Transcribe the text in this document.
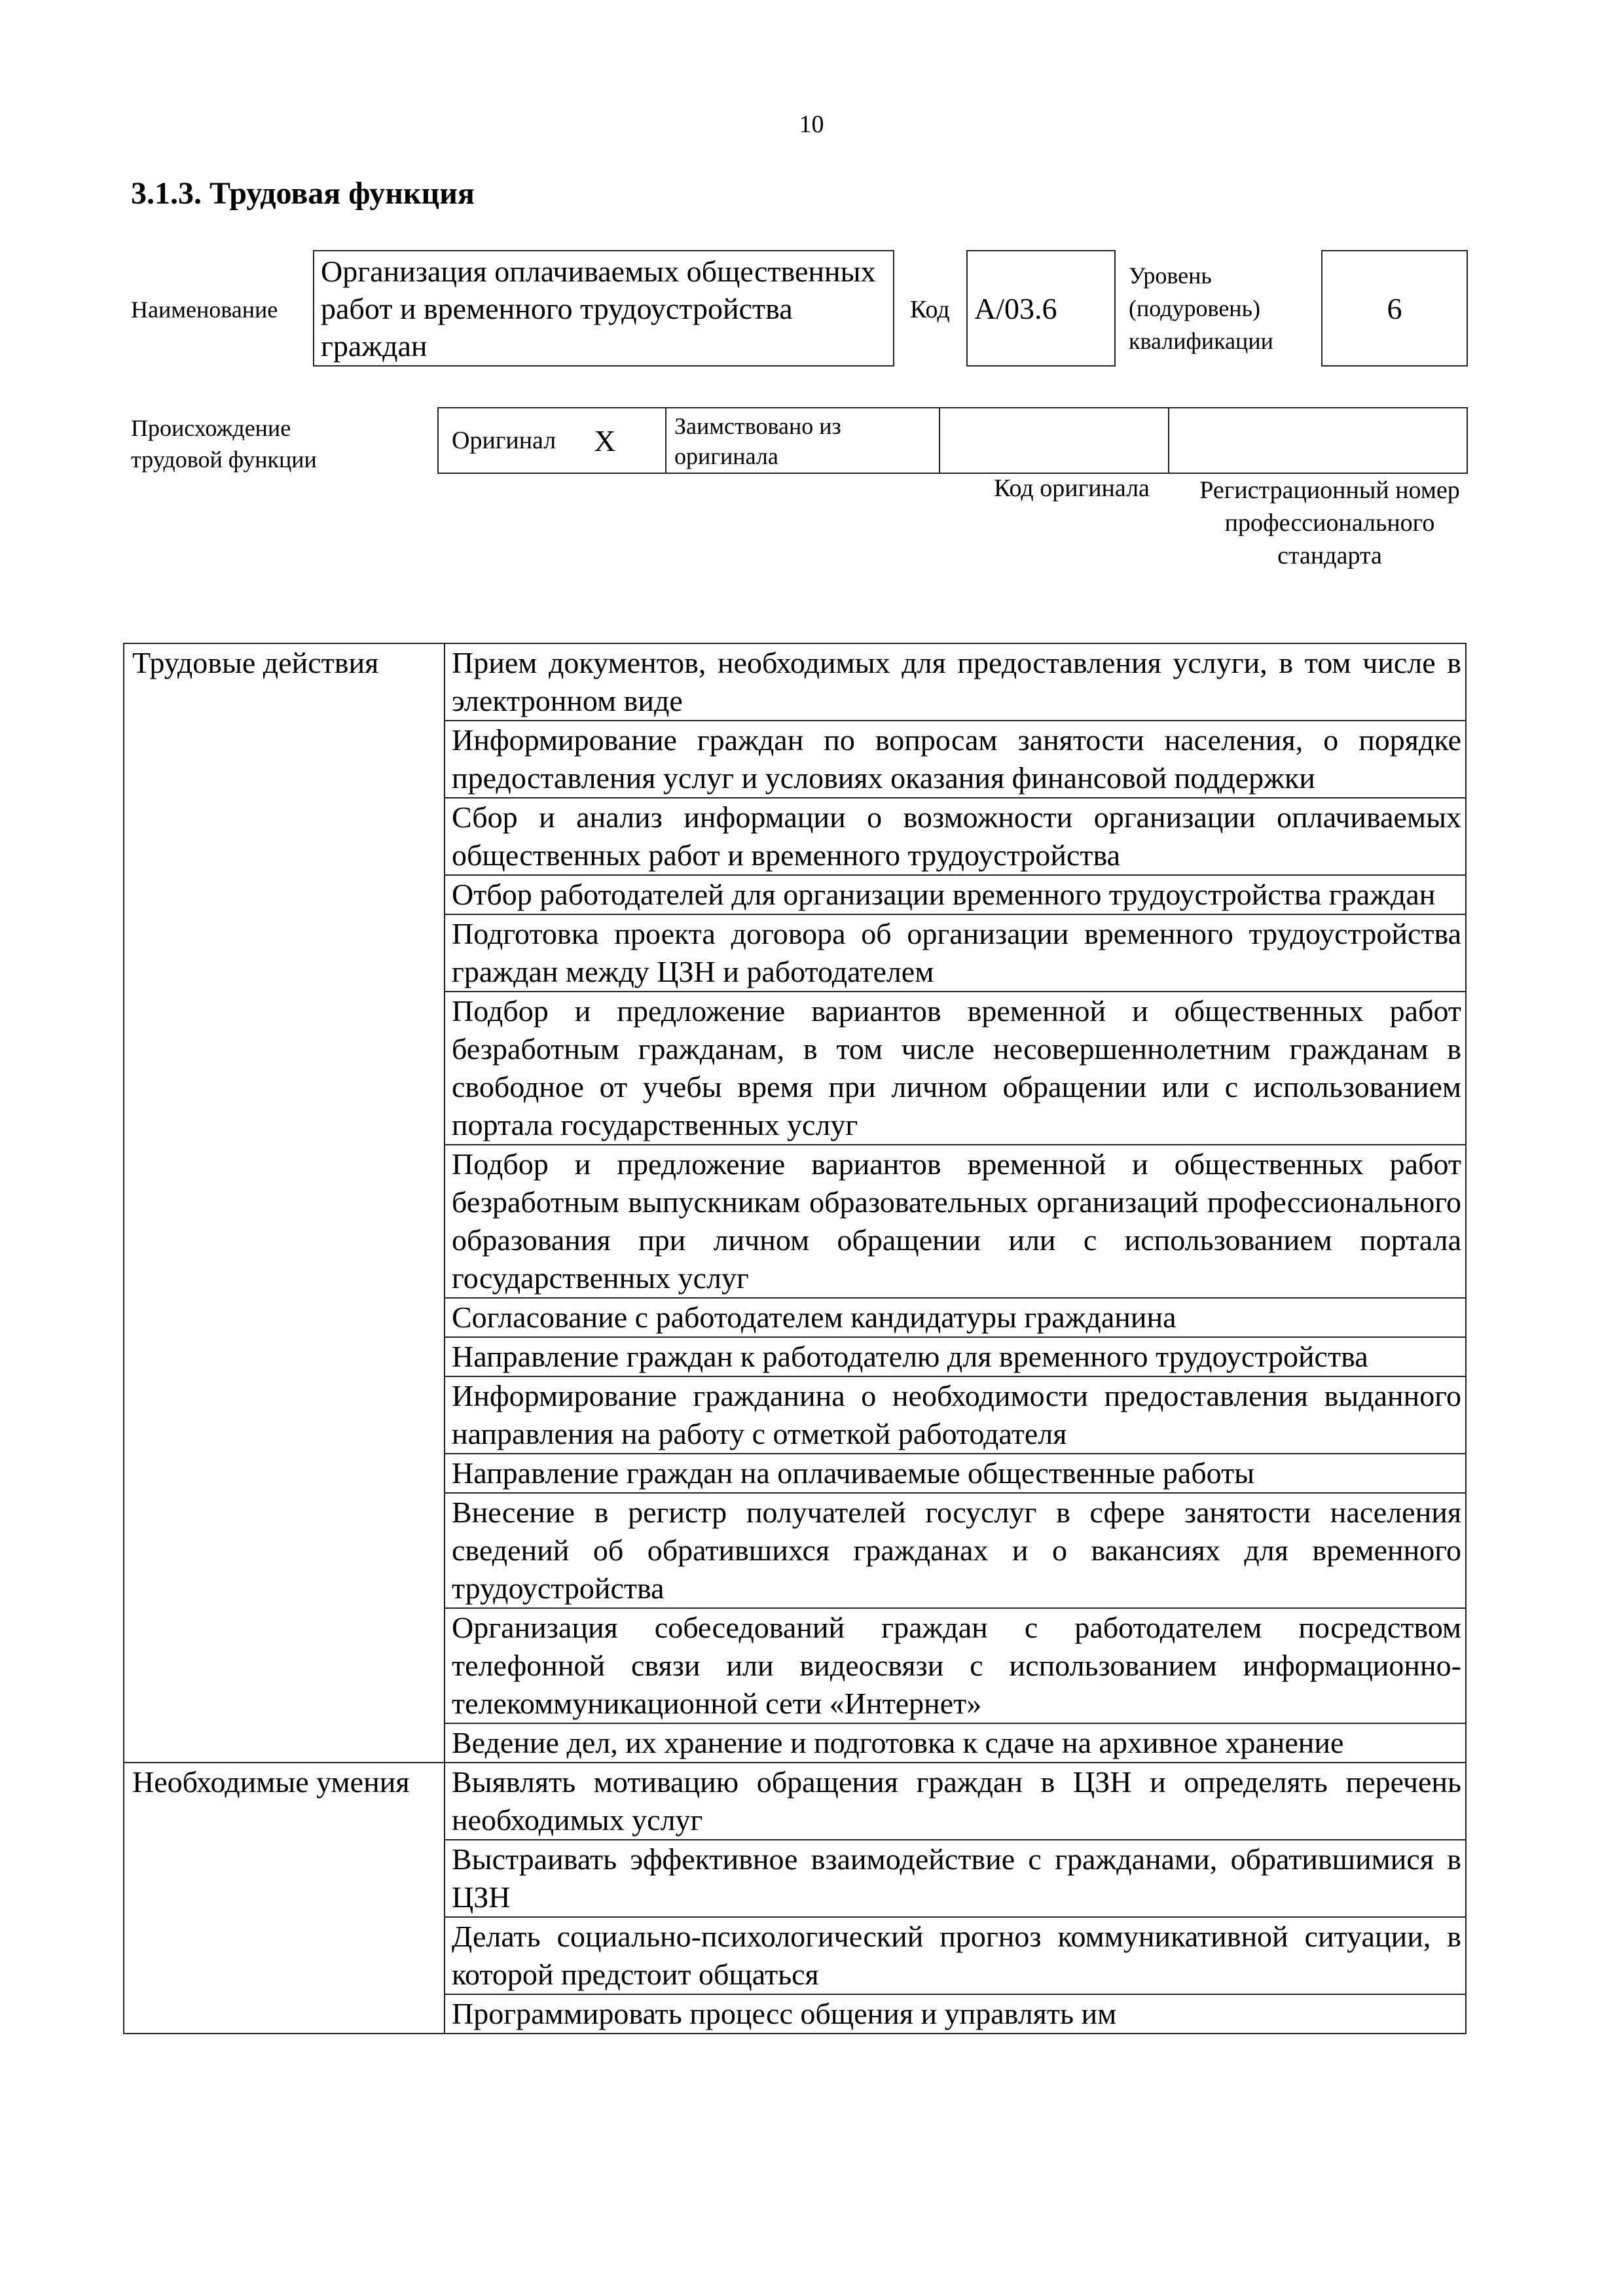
10
3.1.3. Трудовая функция
Наименование
Организация оплачиваемых общественных работ и временного трудоустройства граждан
Код А/03.6
Уровень (подуровень) квалификации
6
Происхождение трудовой функции
Оригинал X	Заимствовано из оригинала
Код оригинала	Регистрационный номер профессионального стандарта
Трудовые действия	Прием документов, необходимых для предоставления услуги, в том числе в электронном виде
	Информирование граждан по вопросам занятости населения, о порядке предоставления услуг и условиях оказания финансовой поддержки
	Сбор и анализ информации о возможности организации оплачиваемых общественных работ и временного трудоустройства
	Отбор работодателей для организации временного трудоустройства граждан
	Подготовка проекта договора об организации временного трудоустройства граждан между ЦЗН и работодателем
	Подбор и предложение вариантов временной и общественных работ безработным гражданам, в том числе несовершеннолетним гражданам в свободное от учебы время при личном обращении или с использованием портала государственных услуг
	Подбор и предложение вариантов временной и общественных работ безработным выпускникам образовательных организаций профессионального образования при личном обращении или с использованием портала государственных услуг
	Согласование с работодателем кандидатуры гражданина
	Направление граждан к работодателю для временного трудоустройства
	Информирование гражданина о необходимости предоставления выданного направления на работу с отметкой работодателя
	Направление граждан на оплачиваемые общественные работы
	Внесение в регистр получателей госуслуг в сфере занятости населения сведений об обратившихся гражданах и о вакансиях для временного трудоустройства
	Организация собеседований граждан с работодателем посредством телефонной связи или видеосвязи с использованием информационно-телекоммуникационной сети «Интернет»
	Ведение дел, их хранение и подготовка к сдаче на архивное хранение
Необходимые умения	Выявлять мотивацию обращения граждан в ЦЗН и определять перечень необходимых услуг
	Выстраивать эффективное взаимодействие с гражданами, обратившимися в ЦЗН
	Делать социально-психологический прогноз коммуникативной ситуации, в которой предстоит общаться
	Программировать процесс общения и управлять им
